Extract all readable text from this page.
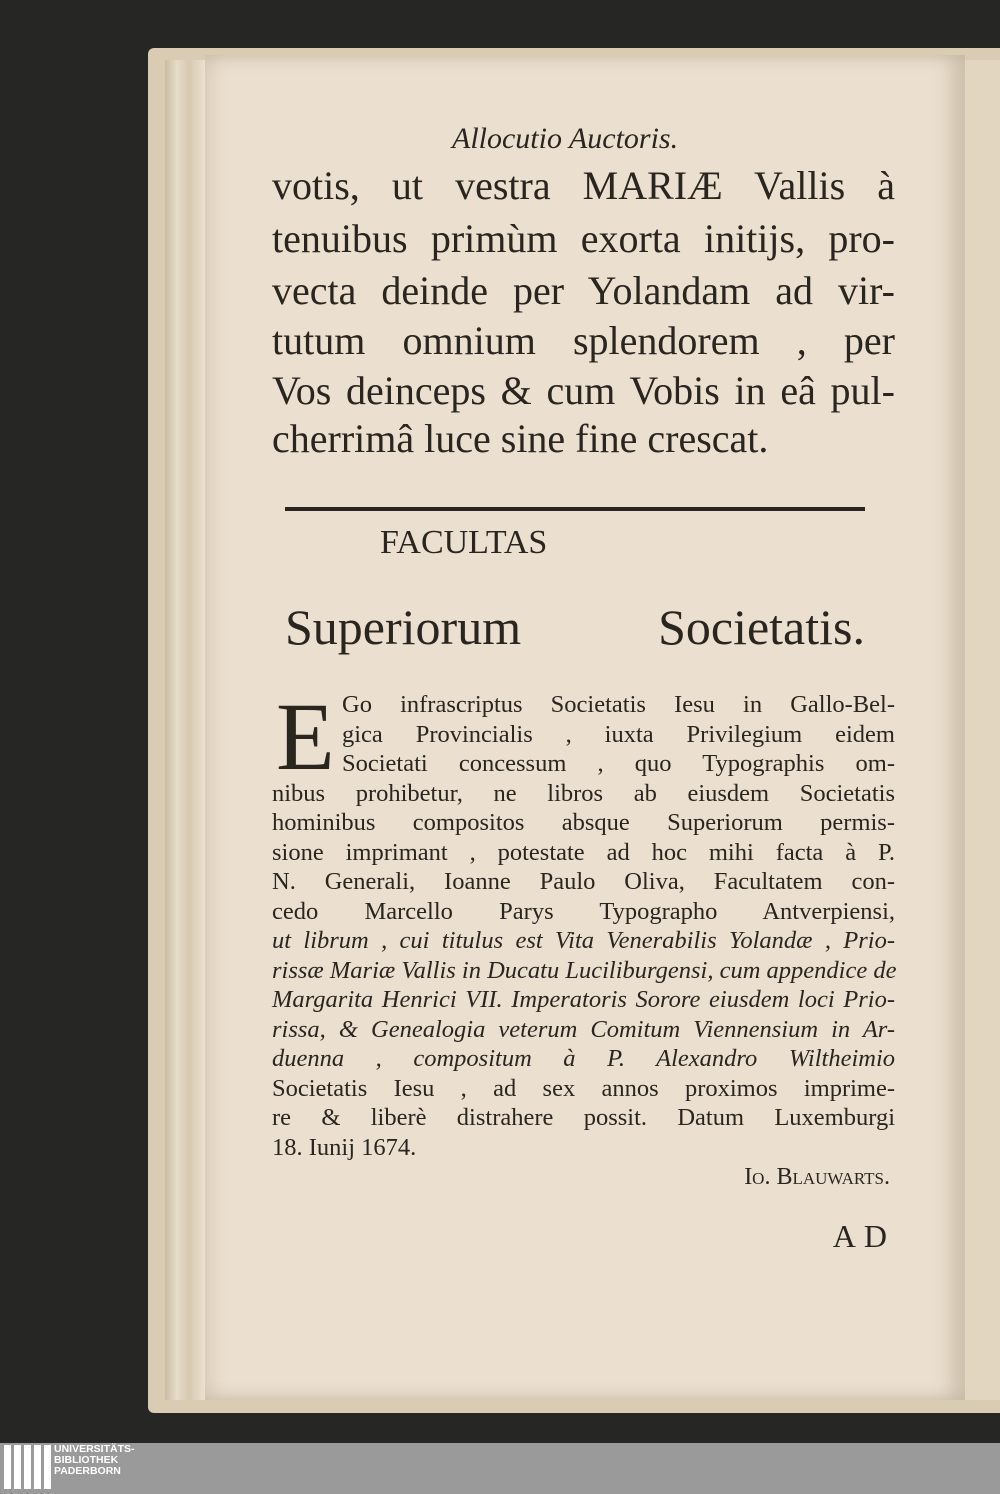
Allocutio Auctoris.
FACULTAS
Superiorum Societatis.
E Go infrascriptus Societatis Iesu in Gallo-Bel-
gica Provincialis , iuxta Privilegium eidem
Societati concessum , quo Typographis om-
nibus prohibetur, ne libros ab eiusdem Societatis
hominibus compositos absque Superiorum permis-
sione imprimant , potestate ad hoc mihi facta à P.
N. Generali, Ioanne Paulo Oliva, Facultatem con-
cedo Marcello Parys Typographo Antverpiensi,
ut librum , cui titulus est Vita Venerabilis Yolandæ , Prio-
rissæ Mariæ Vallis in Ducatu Luciliburgensi, cum appendice de
Margarita Henrici VII. Imperatoris Sorore eiusdem loci Prio-
rissa, & Genealogia veterum Comitum Viennensium in Ar-
duenna , compositum à P. Alexandro Wiltheimio
Societatis Iesu , ad sex annos proximos imprime-
re & liberè distrahere possit. Datum Luxemburgi
18. Iunij 1674.
Io. Blauwarts.
AD
UNIVERSITÄTS-
BIBLIOTHEK
PADERBORN
votis, ut vestra MARIÆ Vallis à
tenuibus primùm exorta initijs, pro-
vecta deinde per Yolandam ad vir-
tutum omnium splendorem , per
Vos deinceps & cum Vobis in eâ pul-
cherrimâ luce sine fine crescat.
